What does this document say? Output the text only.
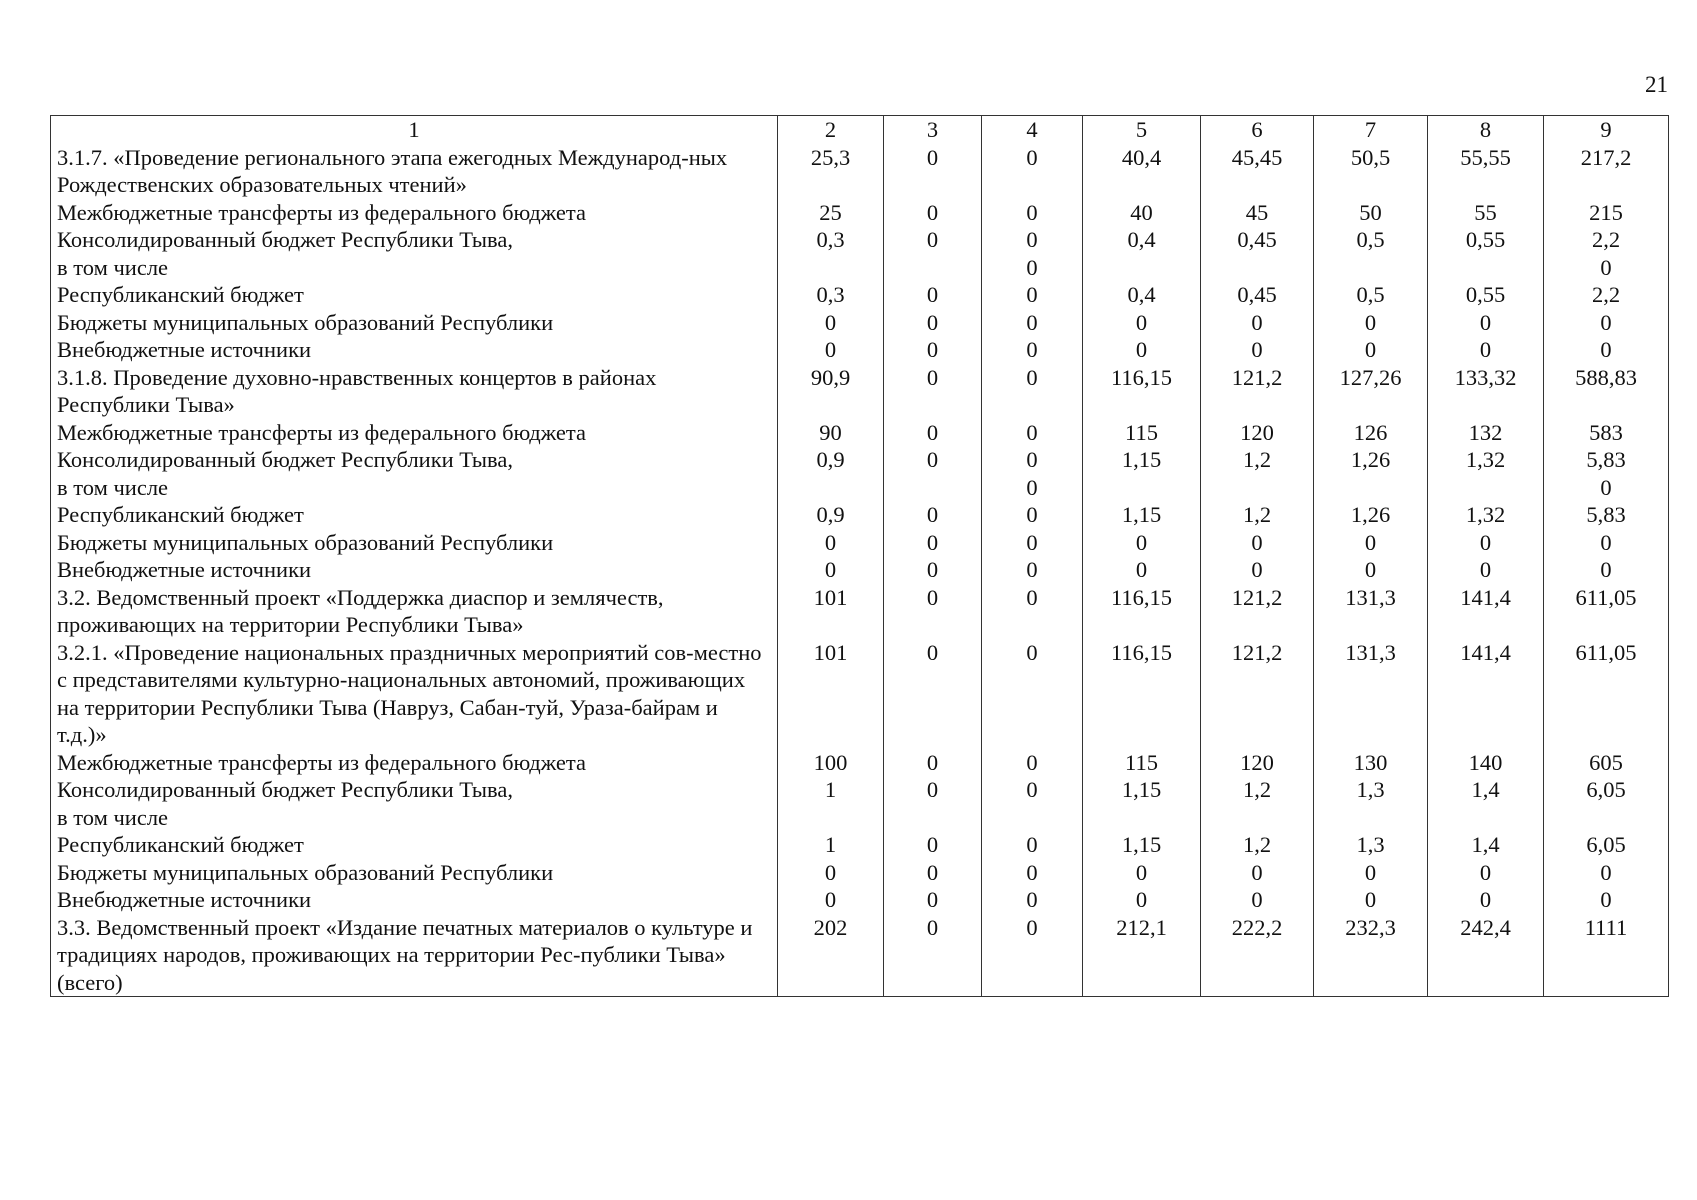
21
1	2	3	4	5	6	7	8	9
3.1.7. «Проведение регионального этапа ежегодных Международ-ных Рождественских образовательных чтений»	25,3	0	0	40,4	45,45	50,5	55,55	217,2
Межбюджетные трансферты из федерального бюджета	25	0	0	40	45	50	55	215
Консолидированный бюджет Республики Тыва,	0,3	0	0	0,4	0,45	0,5	0,55	2,2
в том числе			0					0
Республиканский бюджет	0,3	0	0	0,4	0,45	0,5	0,55	2,2
Бюджеты муниципальных образований Республики	0	0	0	0	0	0	0	0
Внебюджетные источники	0	0	0	0	0	0	0	0
3.1.8. Проведение духовно-нравственных концертов в районах Республики Тыва»	90,9	0	0	116,15	121,2	127,26	133,32	588,83
Межбюджетные трансферты из федерального бюджета	90	0	0	115	120	126	132	583
Консолидированный бюджет Республики Тыва,	0,9	0	0	1,15	1,2	1,26	1,32	5,83
в том числе			0					0
Республиканский бюджет	0,9	0	0	1,15	1,2	1,26	1,32	5,83
Бюджеты муниципальных образований Республики	0	0	0	0	0	0	0	0
Внебюджетные источники	0	0	0	0	0	0	0	0
3.2. Ведомственный проект «Поддержка диаспор и землячеств, проживающих на территории Республики Тыва»	101	0	0	116,15	121,2	131,3	141,4	611,05
3.2.1. «Проведение национальных праздничных мероприятий сов-местно с представителями культурно-национальных автономий, проживающих на территории Республики Тыва (Навруз, Сабан-туй, Ураза-байрам и т.д.)»	101	0	0	116,15	121,2	131,3	141,4	611,05
Межбюджетные трансферты из федерального бюджета	100	0	0	115	120	130	140	605
Консолидированный бюджет Республики Тыва,	1	0	0	1,15	1,2	1,3	1,4	6,05
в том числе								
Республиканский бюджет	1	0	0	1,15	1,2	1,3	1,4	6,05
Бюджеты муниципальных образований Республики	0	0	0	0	0	0	0	0
Внебюджетные источники	0	0	0	0	0	0	0	0
3.3. Ведомственный проект «Издание печатных материалов о культуре и традициях народов, проживающих на территории Рес-публики Тыва» (всего)	202	0	0	212,1	222,2	232,3	242,4	1111
